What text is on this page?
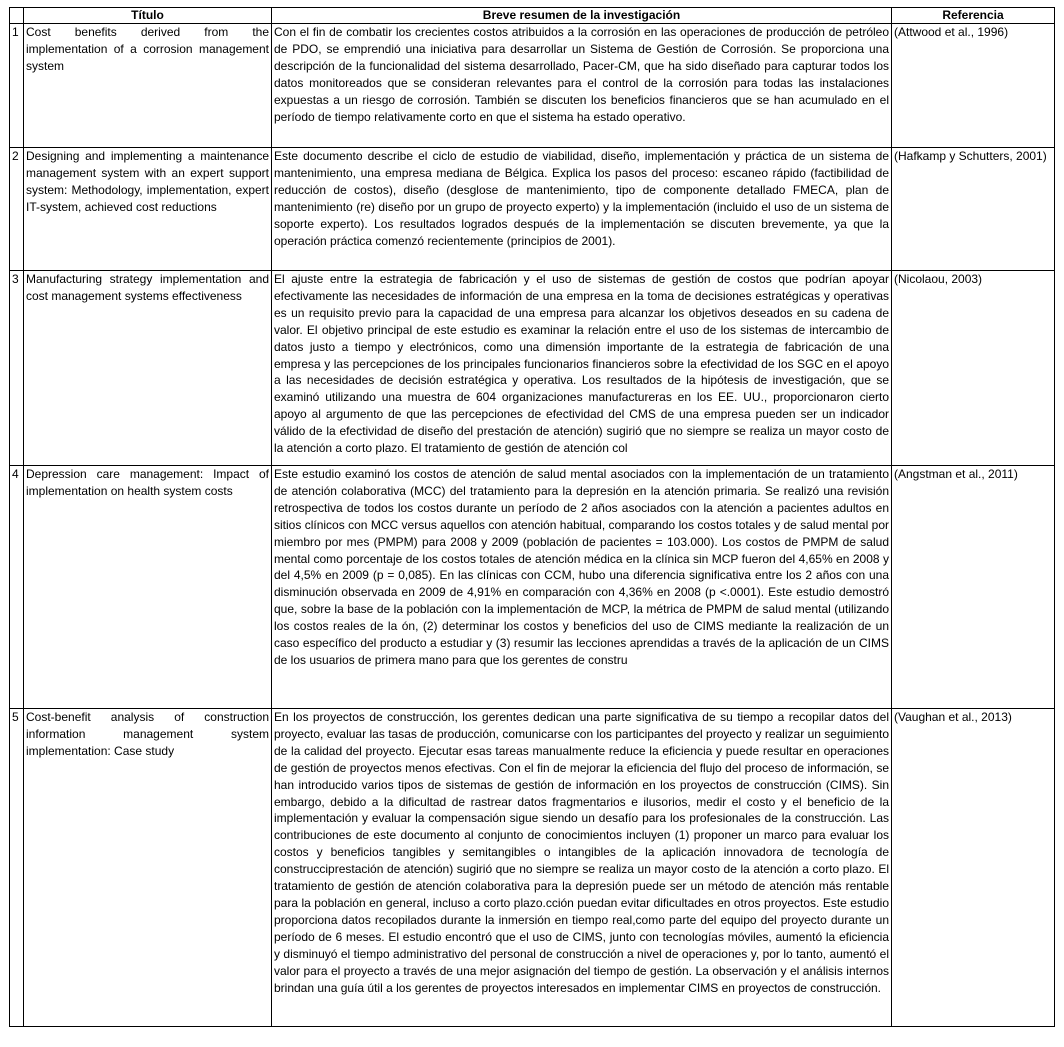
	Título	Breve resumen de la investigación	Referencia
1	Cost benefits derived from the implementation of a corrosion management system	Con el fin de combatir los crecientes costos atribuidos a la corrosión en las operaciones de producción de petróleo de PDO, se emprendió una iniciativa para desarrollar un Sistema de Gestión de Corrosión. Se proporciona una descripción de la funcionalidad del sistema desarrollado, Pacer-CM, que ha sido diseñado para capturar todos los datos monitoreados que se consideran relevantes para el control de la corrosión para todas las instalaciones expuestas a un riesgo de corrosión. También se discuten los beneficios financieros que se han acumulado en el período de tiempo relativamente corto en que el sistema ha estado operativo.	(Attwood et al., 1996)
2	Designing and implementing a maintenance management system with an expert support system: Methodology, implementation, expert IT-system, achieved cost reductions	Este documento describe el ciclo de estudio de viabilidad, diseño, implementación y práctica de un sistema de mantenimiento, una empresa mediana de Bélgica. Explica los pasos del proceso: escaneo rápido (factibilidad de reducción de costos), diseño (desglose de mantenimiento, tipo de componente detallado FMECA, plan de mantenimiento (re) diseño por un grupo de proyecto experto) y la implementación (incluido el uso de un sistema de soporte experto). Los resultados logrados después de la implementación se discuten brevemente, ya que la operación práctica comenzó recientemente (principios de 2001).	(Hafkamp y Schutters, 2001)
3	Manufacturing strategy implementation and cost management systems effectiveness	El ajuste entre la estrategia de fabricación y el uso de sistemas de gestión de costos que podrían apoyar efectivamente las necesidades de información de una empresa en la toma de decisiones estratégicas y operativas es un requisito previo para la capacidad de una empresa para alcanzar los objetivos deseados en su cadena de valor. El objetivo principal de este estudio es examinar la relación entre el uso de los sistemas de intercambio de datos justo a tiempo y electrónicos, como una dimensión importante de la estrategia de fabricación de una empresa y las percepciones de los principales funcionarios financieros sobre la efectividad de los SGC en el apoyo a las necesidades de decisión estratégica y operativa. Los resultados de la hipótesis de investigación, que se examinó utilizando una muestra de 604 organizaciones manufactureras en los EE. UU., proporcionaron cierto apoyo al argumento de que las percepciones de efectividad del CMS de una empresa pueden ser un indicador válido de la efectividad de diseño del prestación de atención) sugirió que no siempre se realiza un mayor costo de la atención a corto plazo. El tratamiento de gestión de atención col	(Nicolaou, 2003)
4	Depression care management: Impact of implementation on health system costs	Este estudio examinó los costos de atención de salud mental asociados con la implementación de un tratamiento de atención colaborativa (MCC) del tratamiento para la depresión en la atención primaria. Se realizó una revisión retrospectiva de todos los costos durante un período de 2 años asociados con la atención a pacientes adultos en sitios clínicos con MCC versus aquellos con atención habitual, comparando los costos totales y de salud mental por miembro por mes (PMPM) para 2008 y 2009 (población de pacientes = 103.000). Los costos de PMPM de salud mental como porcentaje de los costos totales de atención médica en la clínica sin MCP fueron del 4,65% en 2008 y del 4,5% en 2009 (p = 0,085). En las clínicas con CCM, hubo una diferencia significativa entre los 2 años con una disminución observada en 2009 de 4,91% en comparación con 4,36% en 2008 (p <.0001). Este estudio demostró que, sobre la base de la población con la implementación de MCP, la métrica de PMPM de salud mental (utilizando los costos reales de la ón, (2) determinar los costos y beneficios del uso de CIMS mediante la realización de un caso específico del producto a estudiar y (3) resumir las lecciones aprendidas a través de la aplicación de un CIMS de los usuarios de primera mano para que los gerentes de constru	(Angstman et al., 2011)
5	Cost-benefit analysis of construction information management system implementation: Case study	En los proyectos de construcción, los gerentes dedican una parte significativa de su tiempo a recopilar datos del proyecto, evaluar las tasas de producción, comunicarse con los participantes del proyecto y realizar un seguimiento de la calidad del proyecto. Ejecutar esas tareas manualmente reduce la eficiencia y puede resultar en operaciones de gestión de proyectos menos efectivas. Con el fin de mejorar la eficiencia del flujo del proceso de información, se han introducido varios tipos de sistemas de gestión de información en los proyectos de construcción (CIMS). Sin embargo, debido a la dificultad de rastrear datos fragmentarios e ilusorios, medir el costo y el beneficio de la implementación y evaluar la compensación sigue siendo un desafío para los profesionales de la construcción. Las contribuciones de este documento al conjunto de conocimientos incluyen (1) proponer un marco para evaluar los costos y beneficios tangibles y semitangibles o intangibles de la aplicación innovadora de tecnología de construcciprestación de atención) sugirió que no siempre se realiza un mayor costo de la atención a corto plazo. El tratamiento de gestión de atención colaborativa para la depresión puede ser un método de atención más rentable para la población en general, incluso a corto plazo.cción puedan evitar dificultades en otros proyectos. Este estudio proporciona datos recopilados durante la inmersión en tiempo real,como parte del equipo del proyecto durante un período de 6 meses. El estudio encontró que el uso de CIMS, junto con tecnologías móviles, aumentó la eficiencia y disminuyó el tiempo administrativo del personal de construcción a nivel de operaciones y, por lo tanto, aumentó el valor para el proyecto a través de una mejor asignación del tiempo de gestión. La observación y el análisis internos brindan una guía útil a los gerentes de proyectos interesados en implementar CIMS en proyectos de construcción.	(Vaughan et al., 2013)
